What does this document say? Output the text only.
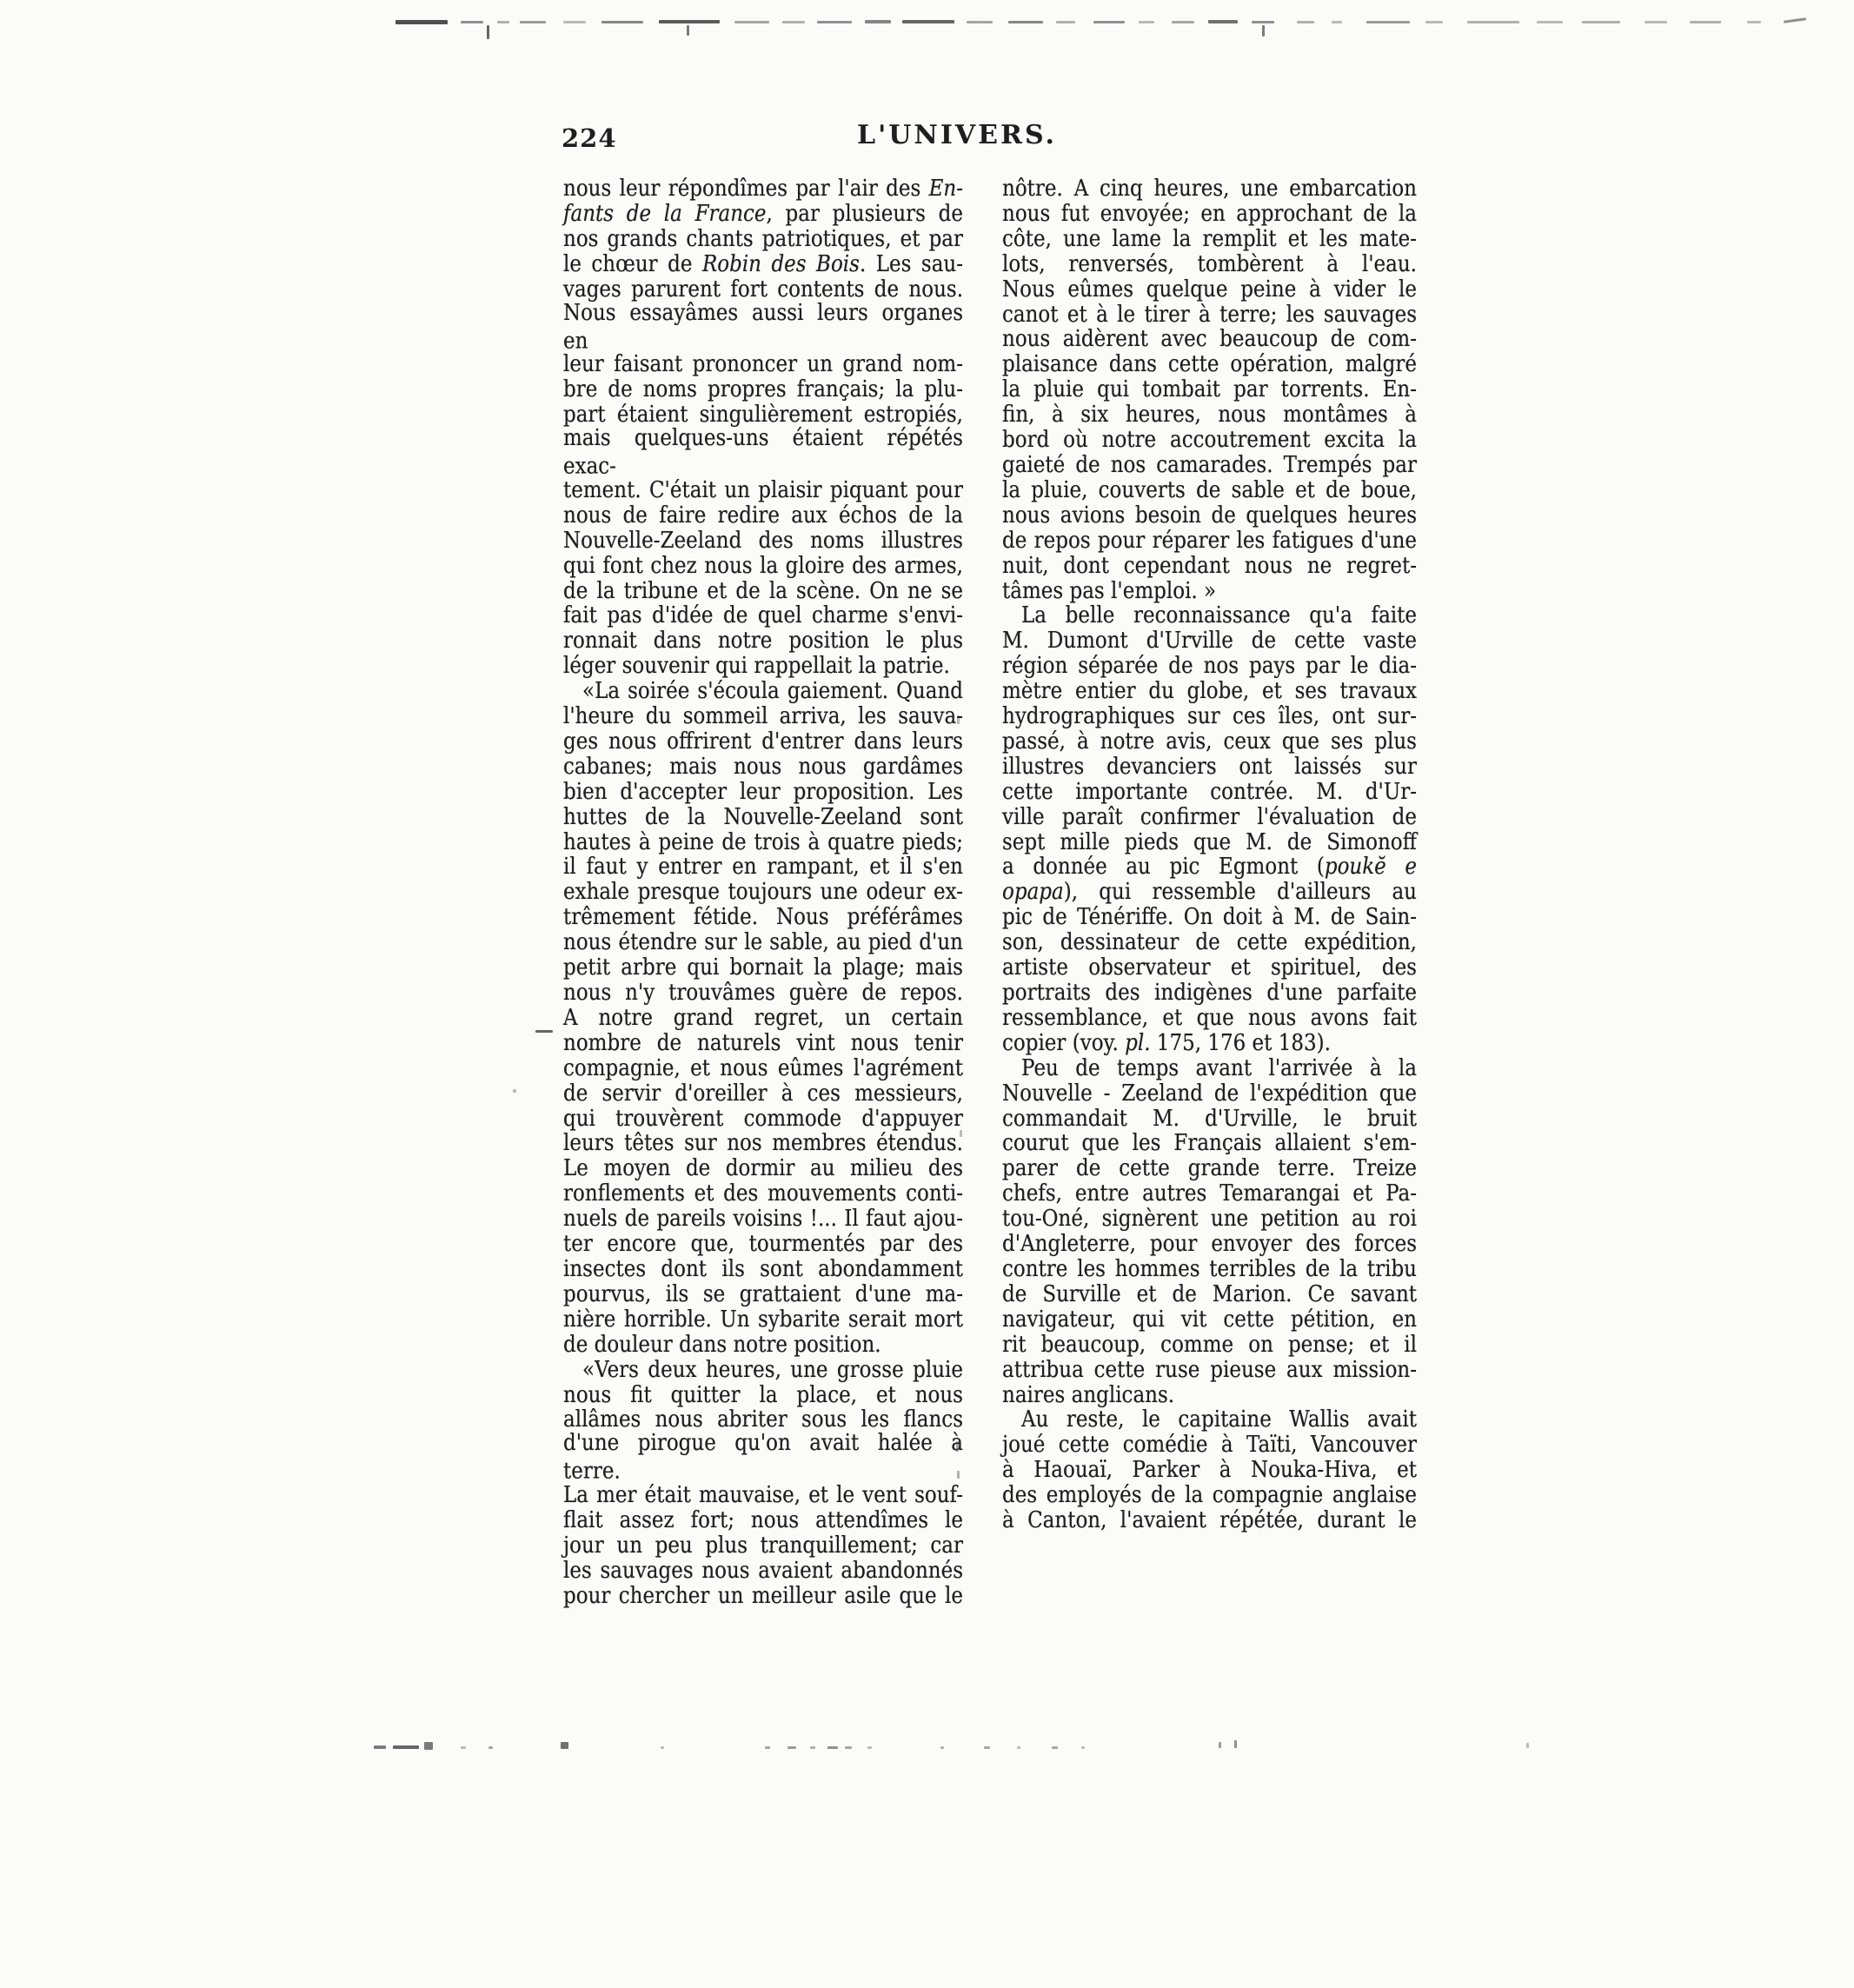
224	L'UNIVERS.
nous leur répondîmes par l'air des En-
fants de la France, par plusieurs de
nos grands chants patriotiques, et par
le chœur de Robin des Bois. Les sau-
vages parurent fort contents de nous.
Nous essayâmes aussi leurs organes en
leur faisant prononcer un grand nom-
bre de noms propres français; la plu-
part étaient singulièrement estropiés,
mais quelques-uns étaient répétés exac-
tement. C'était un plaisir piquant pour
nous de faire redire aux échos de la
Nouvelle-Zeeland des noms illustres
qui font chez nous la gloire des armes,
de la tribune et de la scène. On ne se
fait pas d'idée de quel charme s'envi-
ronnait dans notre position le plus
léger souvenir qui rappellait la patrie.
«La soirée s'écoula gaiement. Quand
l'heure du sommeil arriva, les sauva-
ges nous offrirent d'entrer dans leurs
cabanes; mais nous nous gardâmes
bien d'accepter leur proposition. Les
huttes de la Nouvelle-Zeeland sont
hautes à peine de trois à quatre pieds;
il faut y entrer en rampant, et il s'en
exhale presque toujours une odeur ex-
trêmement fétide. Nous préférâmes
nous étendre sur le sable, au pied d'un
petit arbre qui bornait la plage; mais
nous n'y trouvâmes guère de repos.
A notre grand regret, un certain
nombre de naturels vint nous tenir
compagnie, et nous eûmes l'agrément
de servir d'oreiller à ces messieurs,
qui trouvèrent commode d'appuyer
leurs têtes sur nos membres étendus.
Le moyen de dormir au milieu des
ronflements et des mouvements conti-
nuels de pareils voisins !... Il faut ajou-
ter encore que, tourmentés par des
insectes dont ils sont abondamment
pourvus, ils se grattaient d'une ma-
nière horrible. Un sybarite serait mort
de douleur dans notre position.
«Vers deux heures, une grosse pluie
nous fit quitter la place, et nous
allâmes nous abriter sous les flancs
d'une pirogue qu'on avait halée à terre.
La mer était mauvaise, et le vent souf-
flait assez fort; nous attendîmes le
jour un peu plus tranquillement; car
les sauvages nous avaient abandonnés
pour chercher un meilleur asile que le
nôtre. A cinq heures, une embarcation
nous fut envoyée; en approchant de la
côte, une lame la remplit et les mate-
lots, renversés, tombèrent à l'eau.
Nous eûmes quelque peine à vider le
canot et à le tirer à terre; les sauvages
nous aidèrent avec beaucoup de com-
plaisance dans cette opération, malgré
la pluie qui tombait par torrents. En-
fin, à six heures, nous montâmes à
bord où notre accoutrement excita la
gaieté de nos camarades. Trempés par
la pluie, couverts de sable et de boue,
nous avions besoin de quelques heures
de repos pour réparer les fatigues d'une
nuit, dont cependant nous ne regret-
tâmes pas l'emploi. »
La belle reconnaissance qu'a faite
M. Dumont d'Urville de cette vaste
région séparée de nos pays par le dia-
mètre entier du globe, et ses travaux
hydrographiques sur ces îles, ont sur-
passé, à notre avis, ceux que ses plus
illustres devanciers ont laissés sur
cette importante contrée. M. d'Ur-
ville paraît confirmer l'évaluation de
sept mille pieds que M. de Simonoff
a donnée au pic Egmont (poukĕ e
opapa), qui ressemble d'ailleurs au
pic de Ténériffe. On doit à M. de Sain-
son, dessinateur de cette expédition,
artiste observateur et spirituel, des
portraits des indigènes d'une parfaite
ressemblance, et que nous avons fait
copier (voy. pl. 175, 176 et 183).
Peu de temps avant l'arrivée à la
Nouvelle - Zeeland de l'expédition que
commandait M. d'Urville, le bruit
courut que les Français allaient s'em-
parer de cette grande terre. Treize
chefs, entre autres Temarangai et Pa-
tou-Oné, signèrent une petition au roi
d'Angleterre, pour envoyer des forces
contre les hommes terribles de la tribu
de Surville et de Marion. Ce savant
navigateur, qui vit cette pétition, en
rit beaucoup, comme on pense; et il
attribua cette ruse pieuse aux mission-
naires anglicans.
Au reste, le capitaine Wallis avait
joué cette comédie à Taïti, Vancouver
à Haouaï, Parker à Nouka-Hiva, et
des employés de la compagnie anglaise
à Canton, l'avaient répétée, durant le
